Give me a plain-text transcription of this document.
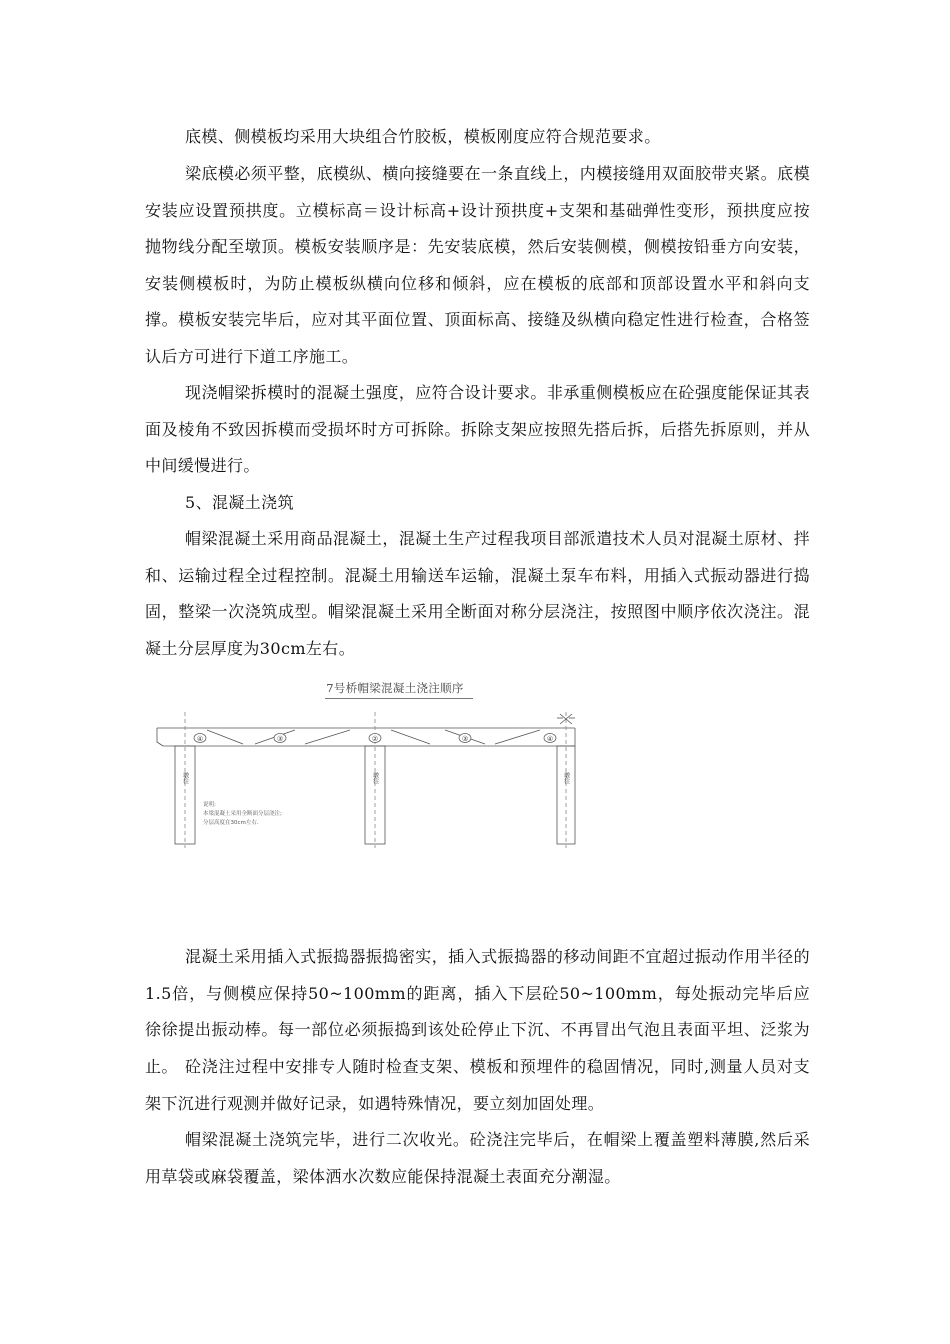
底模、侧模板均采用大块组合竹胶板，模板刚度应符合规范要求。

梁底模必须平整，底模纵、横向接缝要在一条直线上，内模接缝用双面胶带夹紧。底模安装应设置预拱度。立模标高＝设计标高+设计预拱度+支架和基础弹性变形，预拱度应按抛物线分配至墩顶。模板安装顺序是：先安装底模，然后安装侧模，侧模按铅垂方向安装，安装侧模板时，为防止模板纵横向位移和倾斜，应在模板的底部和顶部设置水平和斜向支撑。模板安装完毕后，应对其平面位置、顶面标高、接缝及纵横向稳定性进行检查，合格签认后方可进行下道工序施工。

现浇帽梁拆模时的混凝土强度，应符合设计要求。非承重侧模板应在砼强度能保证其表面及棱角不致因拆模而受损坏时方可拆除。拆除支架应按照先搭后拆，后搭先拆原则，并从中间缓慢进行。

5、混凝土浇筑

帽梁混凝土采用商品混凝土，混凝土生产过程我项目部派遣技术人员对混凝土原材、拌和、运输过程全过程控制。混凝土用输送车运输，混凝土泵车布料，用插入式振动器进行捣固，整梁一次浇筑成型。帽梁混凝土采用全断面对称分层浇注，按照图中顺序依次浇注。混凝土分层厚度为30cm左右。

7号桥帽梁混凝土浇注顺序
④	③	②	③	④
墩柱	墩柱	墩柱
说明:
本梁混凝土采用全断面分层浇注;
分层高度在30cm左右.

混凝土采用插入式振捣器振捣密实，插入式振捣器的移动间距不宜超过振动作用半径的1.5倍，与侧模应保持50~100mm的距离，插入下层砼50~100mm，每处振动完毕后应徐徐提出振动棒。每一部位必须振捣到该处砼停止下沉、不再冒出气泡且表面平坦、泛浆为止。 砼浇注过程中安排专人随时检查支架、模板和预埋件的稳固情况，同时,测量人员对支架下沉进行观测并做好记录，如遇特殊情况，要立刻加固处理。

帽梁混凝土浇筑完毕，进行二次收光。砼浇注完毕后，在帽梁上覆盖塑料薄膜,然后采用草袋或麻袋覆盖，梁体洒水次数应能保持混凝土表面充分潮湿。
